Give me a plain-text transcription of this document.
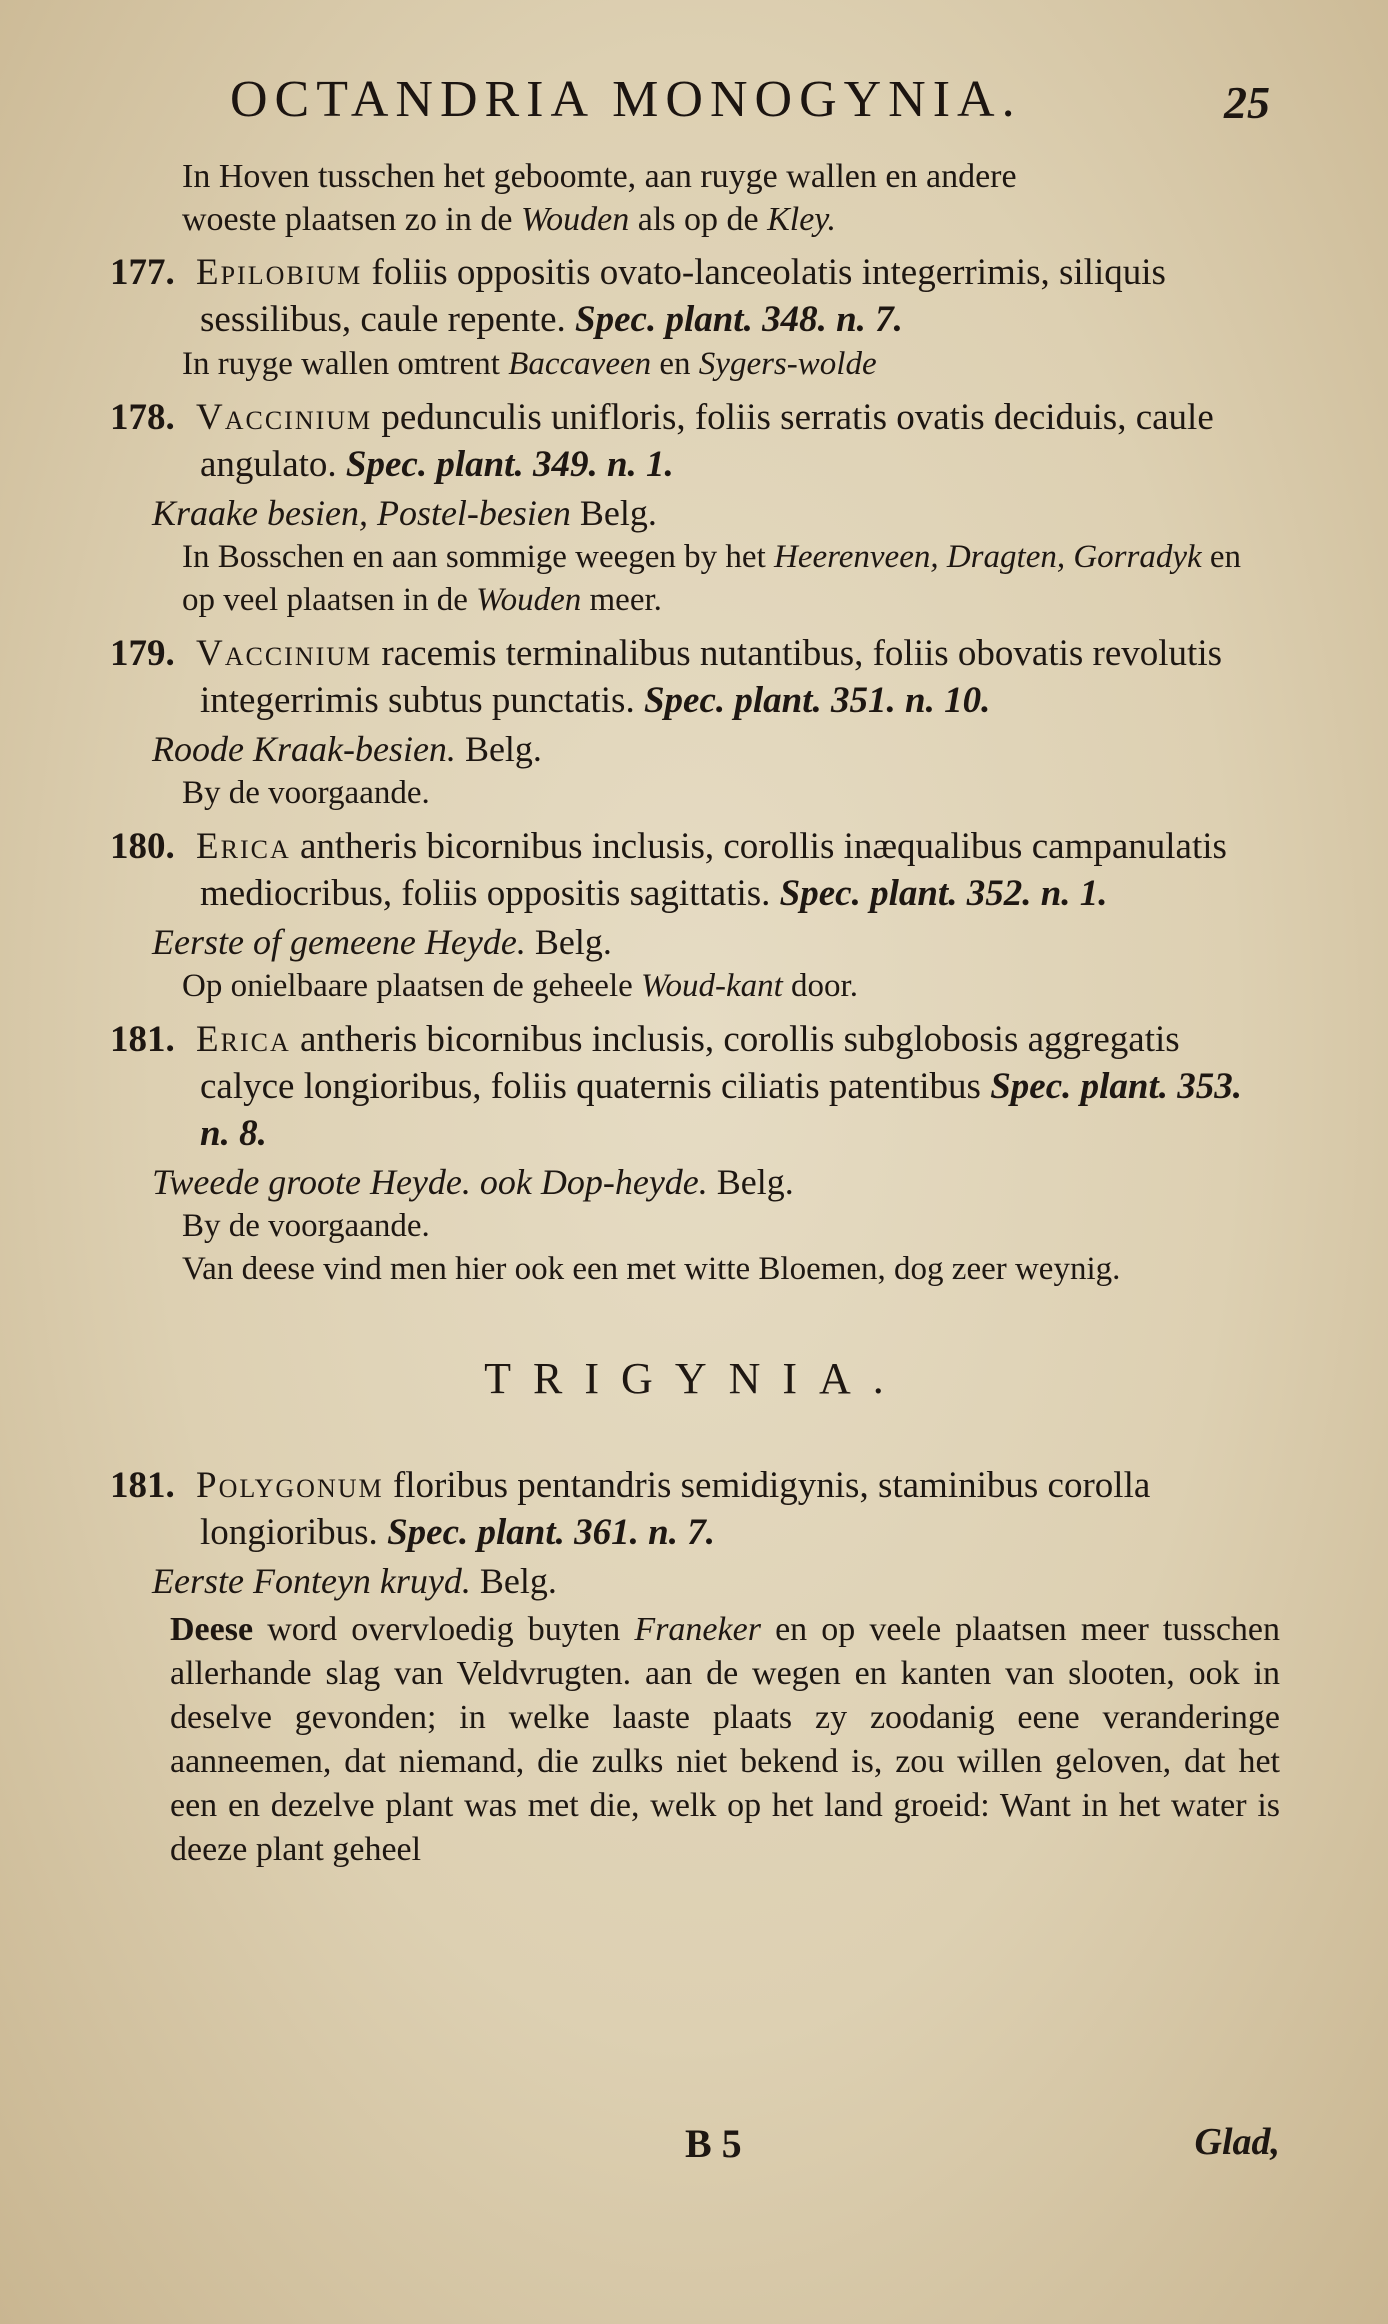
OCTANDRIA MONOGYNIA.	25
In Hoven tusschen het geboomte, aan ruyge wallen en andere
woeste plaatsen zo in de Wouden als op de Kley.
177. Epilobium foliis oppositis ovato-lanceolatis integerrimis, siliquis sessilibus, caule repente. Spec. plant. 348. n. 7.
In ruyge wallen omtrent Baccaveen en Sygers-wolde
178. Vaccinium pedunculis unifloris, foliis serratis ovatis deciduis, caule angulato. Spec. plant. 349. n. 1.
Kraake besien, Postel-besien Belg.
In Bosschen en aan sommige weegen by het Heerenveen, Dragten, Gorradyk en op veel plaatsen in de Wouden meer.
179. Vaccinium racemis terminalibus nutantibus, foliis obovatis revolutis integerrimis subtus punctatis. Spec. plant. 351. n. 10.
Roode Kraak-besien. Belg.
By de voorgaande.
180. Erica antheris bicornibus inclusis, corollis inæqualibus campanulatis mediocribus, foliis oppositis sagittatis. Spec. plant. 352. n. 1.
Eerste of gemeene Heyde. Belg.
Op onielbaare plaatsen de geheele Woud-kant door.
181. Erica antheris bicornibus inclusis, corollis subglobosis aggregatis calyce longioribus, foliis quaternis ciliatis patentibus Spec. plant. 353. n. 8.
Tweede groote Heyde. ook Dop-heyde. Belg.
By de voorgaande.
Van deese vind men hier ook een met witte Bloemen, dog zeer weynig.
TRIGYNIA.
181. Polygonum floribus pentandris semidigynis, staminibus corolla longioribus. Spec. plant. 361. n. 7.
Eerste Fonteyn kruyd. Belg.
Deese word overvloedig buyten Franeker en op veele plaatsen meer tusschen allerhande slag van Veldvrugten. aan de wegen en kanten van slooten, ook in deselve gevonden; in welke laaste plaats zy zoodanig eene veranderinge aanneemen, dat niemand, die zulks niet bekend is, zou willen geloven, dat het een en dezelve plant was met die, welk op het land groeid: Want in het water is deeze plant geheel
B 5	Glad,
